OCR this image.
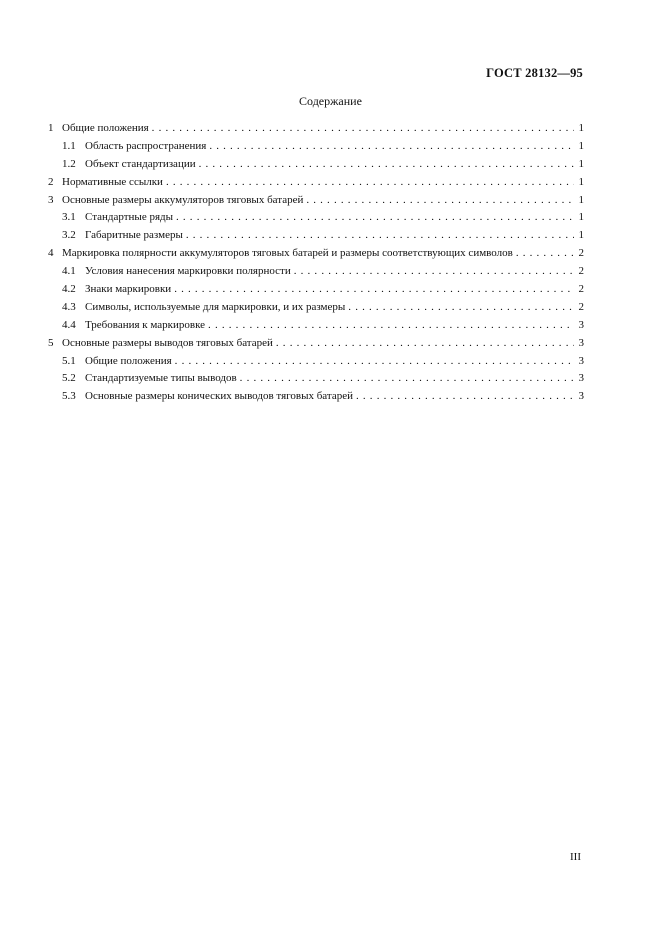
ГОСТ 28132—95
Содержание
1 Общие положения . . .	1
1.1 Область распространения . . .	1
1.2 Объект стандартизации . . .	1
2 Нормативные ссылки . . .	1
3 Основные размеры аккумуляторов тяговых батарей . . .	1
3.1 Стандартные ряды . . .	1
3.2 Габаритные размеры . . .	1
4 Маркировка полярности аккумуляторов тяговых батарей и размеры соответствующих символов . . .	2
4.1 Условия нанесения маркировки полярности . . .	2
4.2 Знаки маркировки . . .	2
4.3 Символы, используемые для маркировки, и их размеры . . .	2
4.4 Требования к маркировке . . .	3
5 Основные размеры выводов тяговых батарей . . .	3
5.1 Общие положения . . .	3
5.2 Стандартизуемые типы выводов . . .	3
5.3 Основные размеры конических выводов тяговых батарей . . .	3
III
